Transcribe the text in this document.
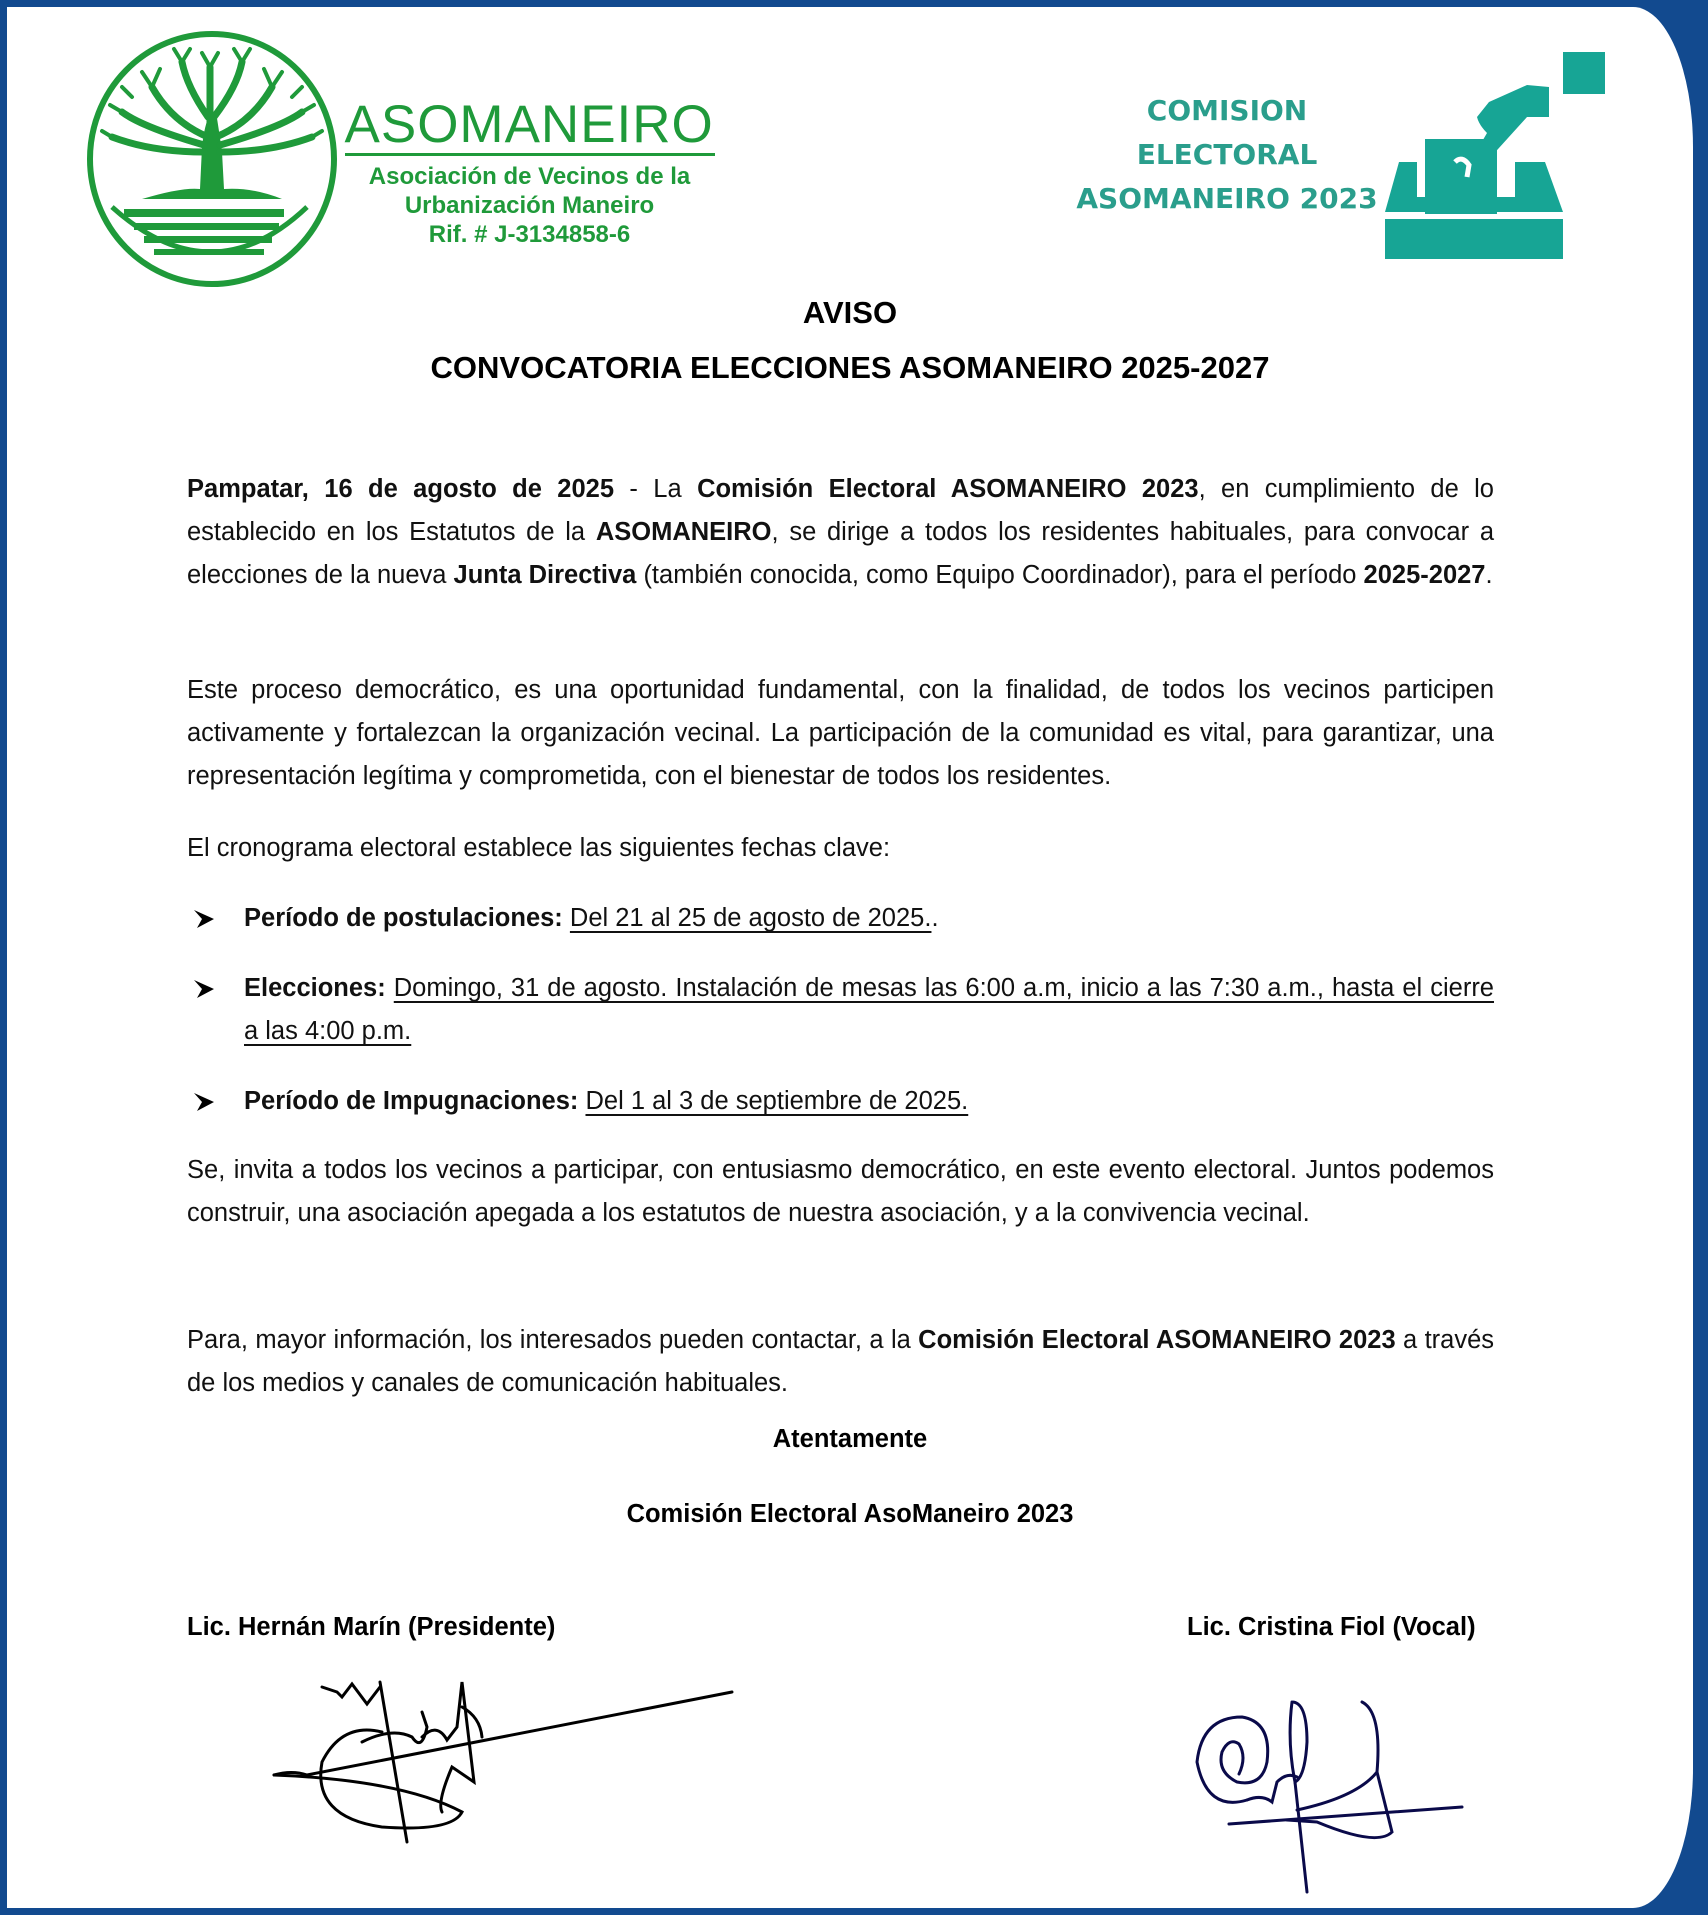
ASOMANEIRO
Asociación de Vecinos de la
Urbanización Maneiro
Rif. # J-3134858-6
COMISION
ELECTORAL
ASOMANEIRO 2023
AVISO
CONVOCATORIA ELECCIONES ASOMANEIRO 2025-2027
Pampatar, 16 de agosto de 2025 - La Comisión Electoral ASOMANEIRO 2023, en cumplimiento de lo establecido en los Estatutos de la ASOMANEIRO, se dirige a todos los residentes habituales, para convocar a elecciones de la nueva Junta Directiva (también conocida, como Equipo Coordinador), para el período 2025-2027.
Este proceso democrático, es una oportunidad fundamental, con la finalidad, de todos los vecinos participen activamente y fortalezcan la organización vecinal. La participación de la comunidad es vital, para garantizar, una representación legítima y comprometida, con el bienestar de todos los residentes.
El cronograma electoral establece las siguientes fechas clave:
Período de postulaciones: Del 21 al 25 de agosto de 2025..
Elecciones: Domingo, 31 de agosto. Instalación de mesas las 6:00 a.m, inicio a las 7:30 a.m., hasta el cierre a las 4:00 p.m.
Período de Impugnaciones: Del 1 al 3 de septiembre de 2025.
Se, invita a todos los vecinos a participar, con entusiasmo democrático, en este evento electoral. Juntos podemos construir, una asociación apegada a los estatutos de nuestra asociación, y a la convivencia vecinal.
Para, mayor información, los interesados pueden contactar, a la Comisión Electoral ASOMANEIRO 2023 a través de los medios y canales de comunicación habituales.
Atentamente
Comisión Electoral AsoManeiro 2023
Lic. Hernán Marín (Presidente)	Lic. Cristina Fiol (Vocal)
